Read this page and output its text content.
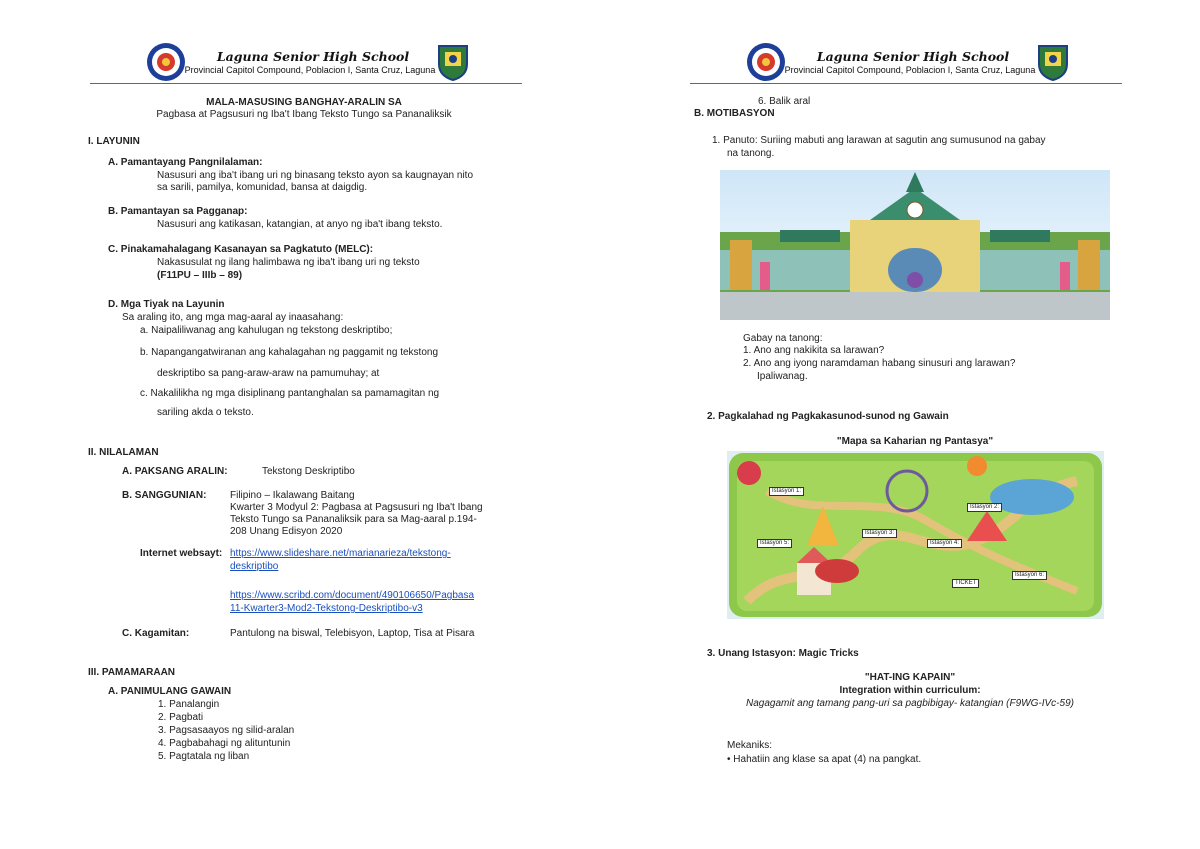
Laguna Senior High School
Provincial Capitol Compound, Poblacion I, Santa Cruz, Laguna
MALA-MASUSING BANGHAY-ARALIN SA
Pagbasa at Pagsusuri ng Iba't Ibang Teksto Tungo sa Pananaliksik
I. LAYUNIN
A. Pamantayang Pangnilalaman:
Nasusuri ang iba't ibang uri ng binasang teksto ayon sa kaugnayan nito
sa sarili, pamilya, komunidad, bansa at daigdig.
B. Pamantayan sa Pagganap:
Nasusuri ang katikasan, katangian, at anyo ng iba't ibang teksto.
C. Pinakamahalagang Kasanayan sa Pagkatuto (MELC):
Nakasusulat ng ilang halimbawa ng iba't ibang uri ng teksto
(F11PU – IIIb – 89)
D. Mga Tiyak na Layunin
Sa araling ito, ang mga mag-aaral ay inaasahang:
a. Naipaliliwanag ang kahulugan ng tekstong deskriptibo;
b. Napangangatwiranan ang kahalagahan ng paggamit ng tekstong
deskriptibo sa pang-araw-araw na pamumuhay; at
c. Nakalilikha ng mga disiplinang pantanghalan sa pamamagitan ng
sariling akda o teksto.
II. NILALAMAN
A. PAKSANG ARALIN:	Tekstong Deskriptibo
B. SANGGUNIAN: Filipino – Ikalawang Baitang
Kwarter 3 Modyul 2: Pagbasa at Pagsusuri ng Iba't Ibang
Teksto Tungo sa Pananaliksik para sa Mag-aaral p.194-
208 Unang Edisyon 2020
Internet websayt: https://www.slideshare.net/marianarieza/tekstong-
deskriptibo
https://www.scribd.com/document/490106650/Pagbasa
11-Kwarter3-Mod2-Tekstong-Deskriptibo-v3
C. Kagamitan:	Pantulong na biswal, Telebisyon, Laptop, Tisa at Pisara
III. PAMAMARAAN
A. PANIMULANG GAWAIN
1. Panalangin
2. Pagbati
3. Pagsasaayos ng silid-aralan
4. Pagbabahagi ng alituntunin
5. Pagtatala ng liban
Laguna Senior High School
Provincial Capitol Compound, Poblacion I, Santa Cruz, Laguna
6. Balik aral
B. MOTIBASYON
1. Panuto: Suriing mabuti ang larawan at sagutin ang sumusunod na gabay
na tanong.
Gabay na tanong:
1. Ano ang nakikita sa larawan?
2. Ano ang iyong naramdaman habang sinusuri ang larawan?
Ipaliwanag.
2. Pagkalahad ng Pagkakasunod-sunod ng Gawain
"Mapa sa Kaharian ng Pantasya"
Istasyon 1:
Istasyon 2:
Istasyon 3:
Istasyon 4:
Istasyon 5:
Istasyon 6:
TICKET
3. Unang Istasyon: Magic Tricks
"HAT-ING KAPAIN"
Integration within curriculum:
Nagagamit ang tamang pang-uri sa pagbibigay- katangian (F9WG-IVc-59)
Mekaniks:
• Hahatiin ang klase sa apat (4) na pangkat.
